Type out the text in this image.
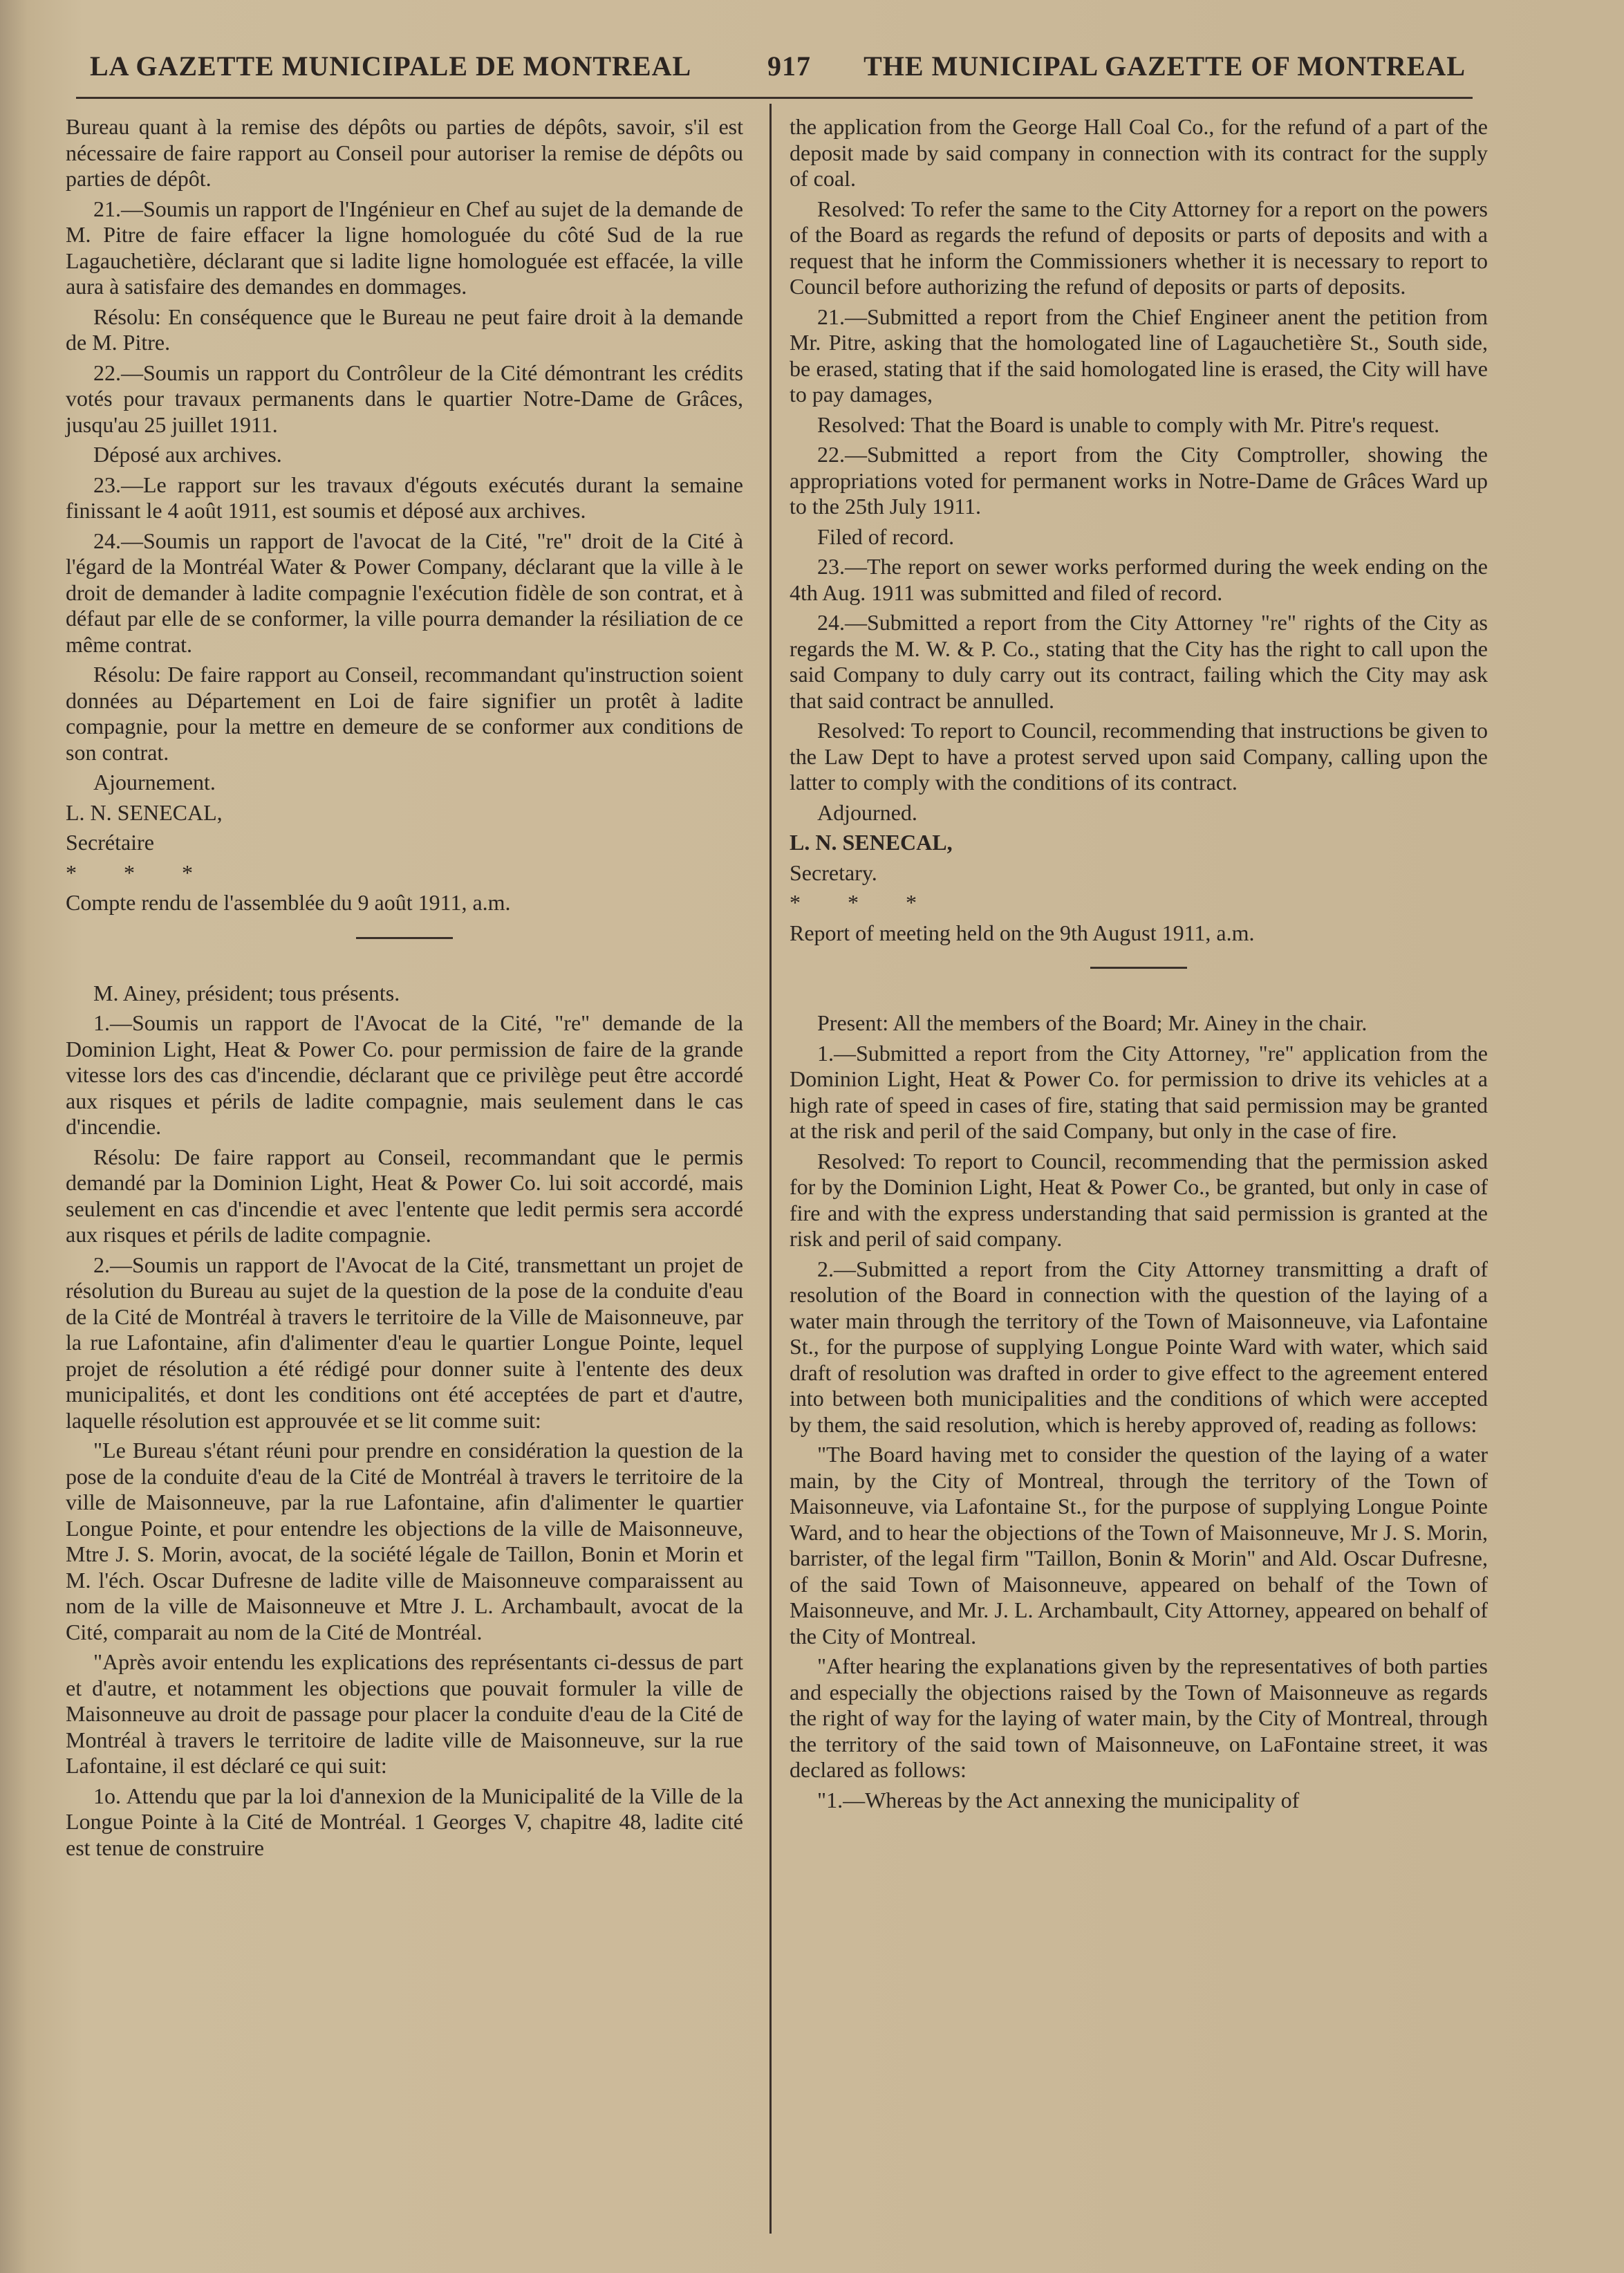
LA GAZETTE MUNICIPALE DE MONTREAL	917 THE MUNICIPAL GAZETTE OF MONTREAL

Bureau quant à la remise des dépôts ou parties de dépôts, savoir, s'il est nécessaire de faire rapport au Conseil pour autoriser la remise de dépôts ou parties de dépôt.

21.—Soumis un rapport de l'Ingénieur en Chef au sujet de la demande de M. Pitre de faire effacer la ligne homologuée du côté Sud de la rue Lagauchetière, déclarant que si ladite ligne homologuée est effacée, la ville aura à satisfaire des demandes en dommages.

Résolu: En conséquence que le Bureau ne peut faire droit à la demande de M. Pitre.

22.—Soumis un rapport du Contrôleur de la Cité démontrant les crédits votés pour travaux permanents dans le quartier Notre-Dame de Grâces, jusqu'au 25 juillet 1911.

Déposé aux archives.

23.—Le rapport sur les travaux d'égouts exécutés durant la semaine finissant le 4 août 1911, est soumis et déposé aux archives.

24.—Soumis un rapport de l'avocat de la Cité, "re" droit de la Cité à l'égard de la Montréal Water & Power Company, déclarant que la ville à le droit de demander à ladite compagnie l'exécution fidèle de son contrat, et à défaut par elle de se conformer, la ville pourra demander la résiliation de ce même contrat.

Résolu: De faire rapport au Conseil, recommandant qu'instruction soient données au Département en Loi de faire signifier un protêt à ladite compagnie, pour la mettre en demeure de se conformer aux conditions de son contrat.

Ajournement.

L. N. SENECAL,

Secrétaire

* * *

Compte rendu de l'assemblée du 9 août 1911, a.m.

M. Ainey, président; tous présents.

1.—Soumis un rapport de l'Avocat de la Cité, "re" demande de la Dominion Light, Heat & Power Co. pour permission de faire de la grande vitesse lors des cas d'incendie, déclarant que ce privilège peut être accordé aux risques et périls de ladite compagnie, mais seulement dans le cas d'incendie.

Résolu: De faire rapport au Conseil, recommandant que le permis demandé par la Dominion Light, Heat & Power Co. lui soit accordé, mais seulement en cas d'incendie et avec l'entente que ledit permis sera accordé aux risques et périls de ladite compagnie.

2.—Soumis un rapport de l'Avocat de la Cité, transmettant un projet de résolution du Bureau au sujet de la question de la pose de la conduite d'eau de la Cité de Montréal à travers le territoire de la Ville de Maisonneuve, par la rue Lafontaine, afin d'alimenter d'eau le quartier Longue Pointe, lequel projet de résolution a été rédigé pour donner suite à l'entente des deux municipalités, et dont les conditions ont été acceptées de part et d'autre, laquelle résolution est approuvée et se lit comme suit:

"Le Bureau s'étant réuni pour prendre en considération la question de la pose de la conduite d'eau de la Cité de Montréal à travers le territoire de la ville de Maisonneuve, par la rue Lafontaine, afin d'alimenter le quartier Longue Pointe, et pour entendre les objections de la ville de Maisonneuve, Mtre J. S. Morin, avocat, de la société légale de Taillon, Bonin et Morin et M. l'éch. Oscar Dufresne de ladite ville de Maisonneuve comparaissent au nom de la ville de Maisonneuve et Mtre J. L. Archambault, avocat de la Cité, comparait au nom de la Cité de Montréal.

"Après avoir entendu les explications des représentants ci-dessus de part et d'autre, et notamment les objections que pouvait formuler la ville de Maisonneuve au droit de passage pour placer la conduite d'eau de la Cité de Montréal à travers le territoire de ladite ville de Maisonneuve, sur la rue Lafontaine, il est déclaré ce qui suit:

1o. Attendu que par la loi d'annexion de la Municipalité de la Ville de la Longue Pointe à la Cité de Montréal. 1 Georges V, chapitre 48, ladite cité est tenue de construire

the application from the George Hall Coal Co., for the refund of a part of the deposit made by said company in connection with its contract for the supply of coal.

Resolved: To refer the same to the City Attorney for a report on the powers of the Board as regards the refund of deposits or parts of deposits and with a request that he inform the Commissioners whether it is necessary to report to Council before authorizing the refund of deposits or parts of deposits.

21.—Submitted a report from the Chief Engineer anent the petition from Mr. Pitre, asking that the homologated line of Lagauchetière St., South side, be erased, stating that if the said homologated line is erased, the City will have to pay damages,

Resolved: That the Board is unable to comply with Mr. Pitre's request.

22.—Submitted a report from the City Comptroller, showing the appropriations voted for permanent works in Notre-Dame de Grâces Ward up to the 25th July 1911.

Filed of record.

23.—The report on sewer works performed during the week ending on the 4th Aug. 1911 was submitted and filed of record.

24.—Submitted a report from the City Attorney "re" rights of the City as regards the M. W. & P. Co., stating that the City has the right to call upon the said Company to duly carry out its contract, failing which the City may ask that said contract be annulled.

Resolved: To report to Council, recommending that instructions be given to the Law Dept to have a protest served upon said Company, calling upon the latter to comply with the conditions of its contract.

Adjourned.

L. N. SENECAL,

Secretary.

* * *

Report of meeting held on the 9th August 1911, a.m.

Present: All the members of the Board; Mr. Ainey in the chair.

1.—Submitted a report from the City Attorney, "re" application from the Dominion Light, Heat & Power Co. for permission to drive its vehicles at a high rate of speed in cases of fire, stating that said permission may be granted at the risk and peril of the said Company, but only in the case of fire.

Resolved: To report to Council, recommending that the permission asked for by the Dominion Light, Heat & Power Co., be granted, but only in case of fire and with the express understanding that said permission is granted at the risk and peril of said company.

2.—Submitted a report from the City Attorney transmitting a draft of resolution of the Board in connection with the question of the laying of a water main through the territory of the Town of Maisonneuve, via Lafontaine St., for the purpose of supplying Longue Pointe Ward with water, which said draft of resolution was drafted in order to give effect to the agreement entered into between both municipalities and the conditions of which were accepted by them, the said resolution, which is hereby approved of, reading as follows:

"The Board having met to consider the question of the laying of a water main, by the City of Montreal, through the territory of the Town of Maisonneuve, via Lafontaine St., for the purpose of supplying Longue Pointe Ward, and to hear the objections of the Town of Maisonneuve, Mr J. S. Morin, barrister, of the legal firm "Taillon, Bonin & Morin" and Ald. Oscar Dufresne, of the said Town of Maisonneuve, appeared on behalf of the Town of Maisonneuve, and Mr. J. L. Archambault, City Attorney, appeared on behalf of the City of Montreal.

"After hearing the explanations given by the representatives of both parties and especially the objections raised by the Town of Maisonneuve as regards the right of way for the laying of water main, by the City of Montreal, through the territory of the said town of Maisonneuve, on LaFontaine street, it was declared as follows:

"1.—Whereas by the Act annexing the municipality of
